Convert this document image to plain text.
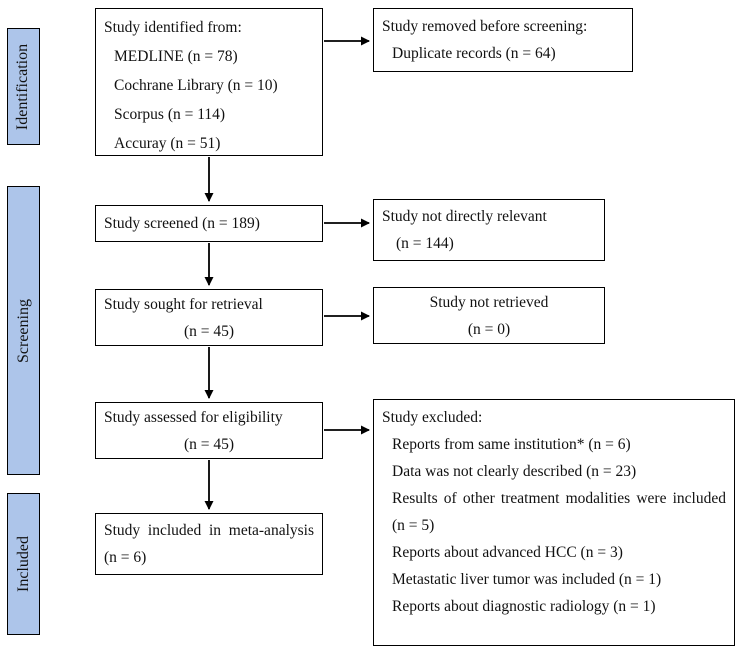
Identification
Screening
Included
Study identified from:
MEDLINE (n = 78)
Cochrane Library (n = 10)
Scorpus (n = 114)
Accuray (n = 51)
Study screened (n = 189)
Study sought for retrieval
(n = 45)
Study assessed for eligibility
(n = 45)
Study included in meta-analysis (n = 6)
Study removed before screening:
Duplicate records (n = 64)
Study not directly relevant
(n = 144)
Study not retrieved
(n = 0)
Study excluded:
Reports from same institution* (n = 6)
Data was not clearly described (n = 23)
Results of other treatment modalities were included (n = 5)
Reports about advanced HCC (n = 3)
Metastatic liver tumor was included (n = 1)
Reports about diagnostic radiology (n = 1)
